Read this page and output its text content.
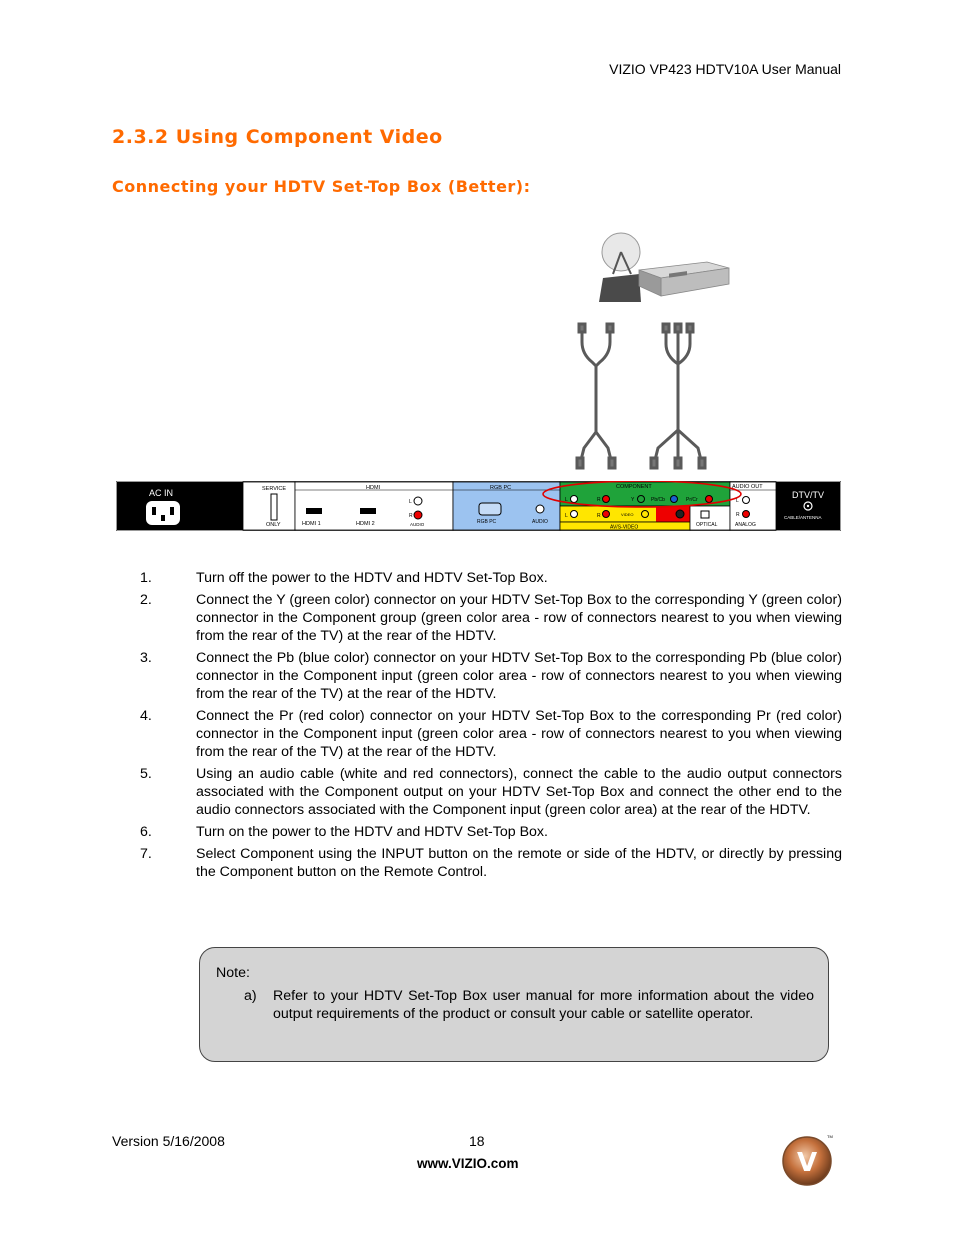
VIZIO VP423 HDTV10A User Manual
2.3.2 Using Component Video
Connecting your HDTV Set-Top Box (Better):
AC IN	SERVICE
ONLY
HDMI
HDMI 1	HDMI 2
L
R
AUDIO
RGB PC
RGB PC	AUDIO
COMPONENT
L	R	Y	Pb/Cb	Pr/Cr
L	R	VIDEO
AV/S-VIDEO	OPTICAL
AUDIO OUT
L
R
ANALOG
DTV/TV
CABLE/ANTENNA
1.	Turn off the power to the HDTV and HDTV Set-Top Box.
2.	Connect the Y (green color) connector on your HDTV Set-Top Box to the corresponding Y (green color) connector in the Component group (green color area - row of connectors nearest to you when viewing from the rear of the TV) at the rear of the HDTV.
3.	Connect the Pb (blue color) connector on your HDTV Set-Top Box to the corresponding Pb (blue color) connector in the Component input (green color area - row of connectors nearest to you when viewing from the rear of the TV) at the rear of the HDTV.
4.	Connect the Pr (red color) connector on your HDTV Set-Top Box to the corresponding Pr (red color) connector in the Component input (green color area - row of connectors nearest to you when viewing from the rear of the TV) at the rear of the HDTV.
5.	Using an audio cable (white and red connectors), connect the cable to the audio output connectors associated with the Component output on your HDTV Set-Top Box and connect the other end to the audio connectors associated with the Component input (green color area) at the rear of the HDTV.
6.	Turn on the power to the HDTV and HDTV Set-Top Box.
7.	Select Component using the INPUT button on the remote or side of the HDTV, or directly by pressing the Component button on the Remote Control.
Note:
a)	Refer to your HDTV Set-Top Box user manual for more information about the video output requirements of the product or consult your cable or satellite operator.
Version 5/16/2008	18
www.VIZIO.com	V
TM
